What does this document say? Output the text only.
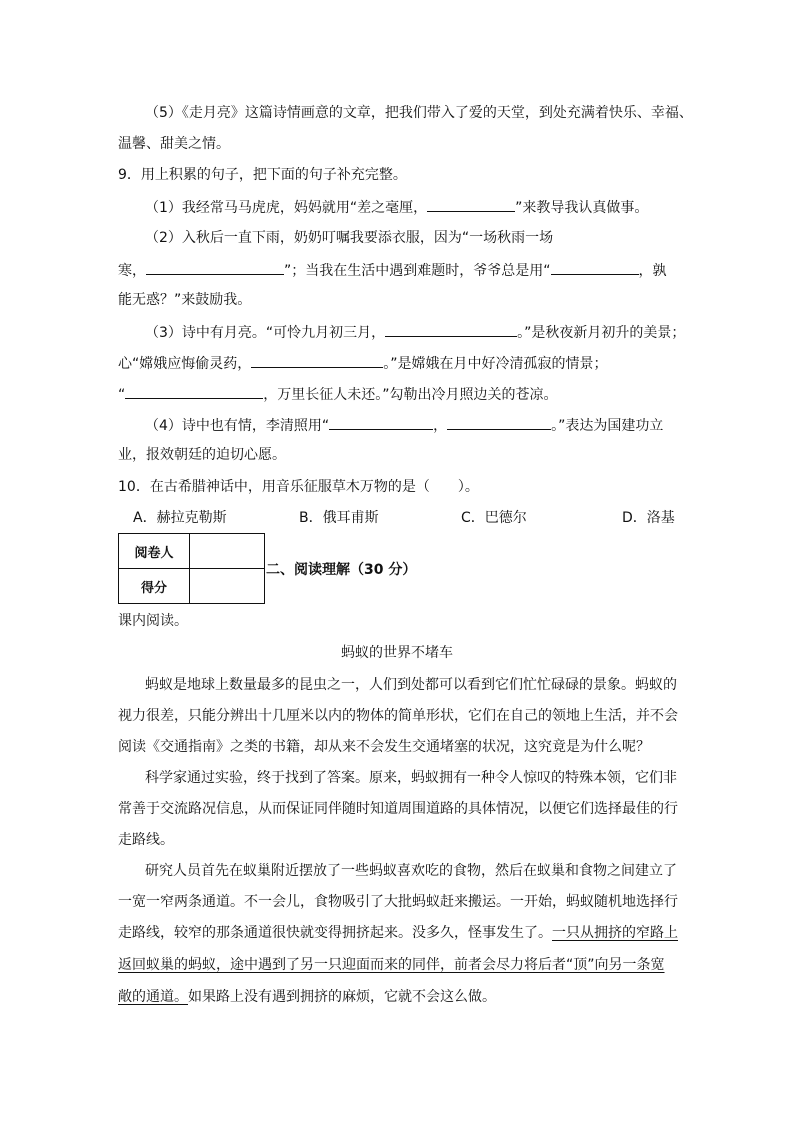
（5）《走月亮》这篇诗情画意的文章，把我们带入了爱的天堂，到处充满着快乐、幸福、
温馨、甜美之情。
9．用上积累的句子，把下面的句子补充完整。
（1）我经常马马虎虎，妈妈就用“差之毫厘，	”来教导我认真做事。
（2）入秋后一直下雨，奶奶叮嘱我要添衣服，因为“一场秋雨一场
寒，	”；当我在生活中遇到难题时，爷爷总是用“	，孰
能无惑？”来鼓励我。
（3）诗中有月亮。“可怜九月初三月，	。”是秋夜新月初升的美景；
心“嫦娥应悔偷灵药，	。”是嫦娥在月中好冷清孤寂的情景；
“	，万里长征人未还。”勾勒出冷月照边关的苍凉。
（4）诗中也有情，李清照用“	，	。”表达为国建功立
业，报效朝廷的迫切心愿。
10．在古希腊神话中，用音乐征服草木万物的是（　　）。
A．赫拉克勒斯	B．俄耳甫斯	C．巴德尔	D．洛基
阅卷人	
得分	
二、阅读理解（30 分）
课内阅读。
蚂蚁的世界不堵车
蚂蚁是地球上数量最多的昆虫之一，人们到处都可以看到它们忙忙碌碌的景象。蚂蚁的
视力很差，只能分辨出十几厘米以内的物体的简单形状，它们在自己的领地上生活，并不会
阅读《交通指南》之类的书籍，却从来不会发生交通堵塞的状况，这究竟是为什么呢？
科学家通过实验，终于找到了答案。原来，蚂蚁拥有一种令人惊叹的特殊本领，它们非
常善于交流路况信息，从而保证同伴随时知道周围道路的具体情况，以便它们选择最佳的行
走路线。
研究人员首先在蚁巢附近摆放了一些蚂蚁喜欢吃的食物，然后在蚁巢和食物之间建立了
一宽一窄两条通道。不一会儿，食物吸引了大批蚂蚁赶来搬运。一开始，蚂蚁随机地选择行
走路线，较窄的那条通道很快就变得拥挤起来。没多久，怪事发生了。一只从拥挤的窄路上
返回蚁巢的蚂蚁，途中遇到了另一只迎面而来的同伴，前者会尽力将后者“顶”向另一条宽
敞的通道。如果路上没有遇到拥挤的麻烦，它就不会这么做。
